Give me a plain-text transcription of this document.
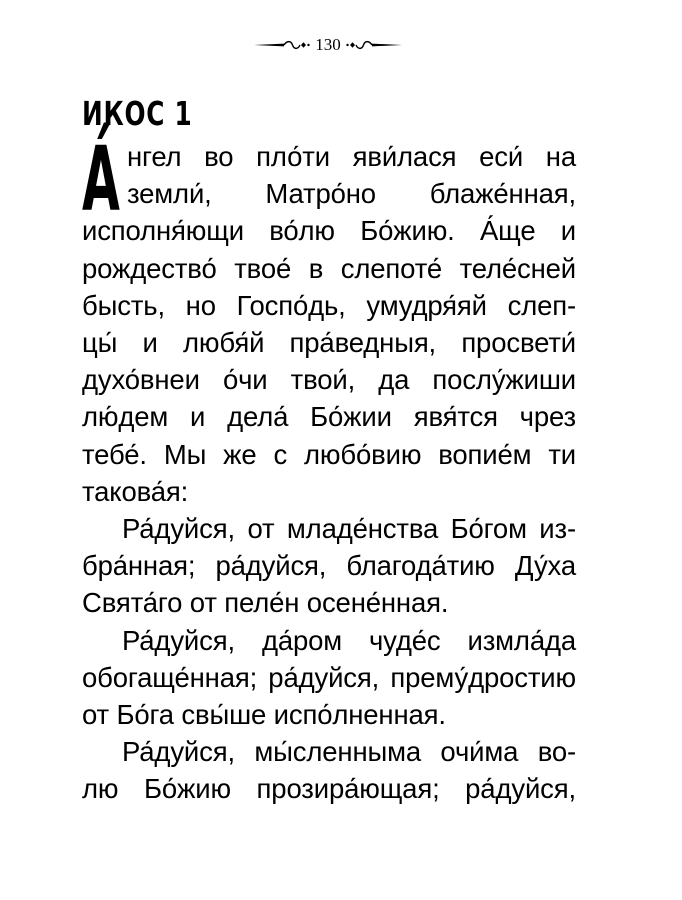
130
ИКОС 1
А́ нгел во пло́ти яви́лася еси́ на
земли́, Матро́но блаже́нная,
исполня́ющи во́лю Бо́жию. А́ще и
рождество́ твое́ в слепоте́ теле́сней
бысть, но Госпо́дь, умудря́яй слеп-
цы́ и любя́й пра́ведныя, просвети́
духо́внеи о́чи твои́, да послу́жиши
лю́дем и дела́ Бо́жии явя́тся чрез
тебе́. Мы же с любо́вию вопие́м ти
такова́я:
Ра́дуйся, от младе́нства Бо́гом из-
бра́нная; ра́дуйся, благода́тию Ду́ха
Свята́го от пеле́н осене́нная.
Ра́дуйся, да́ром чуде́с измла́да
обогаще́нная; ра́дуйся, прему́дростию
от Бо́га свы́ше испо́лненная.
Ра́дуйся, мы́сленныма очи́ма во-
лю Бо́жию прозира́ющая; ра́дуйся,
